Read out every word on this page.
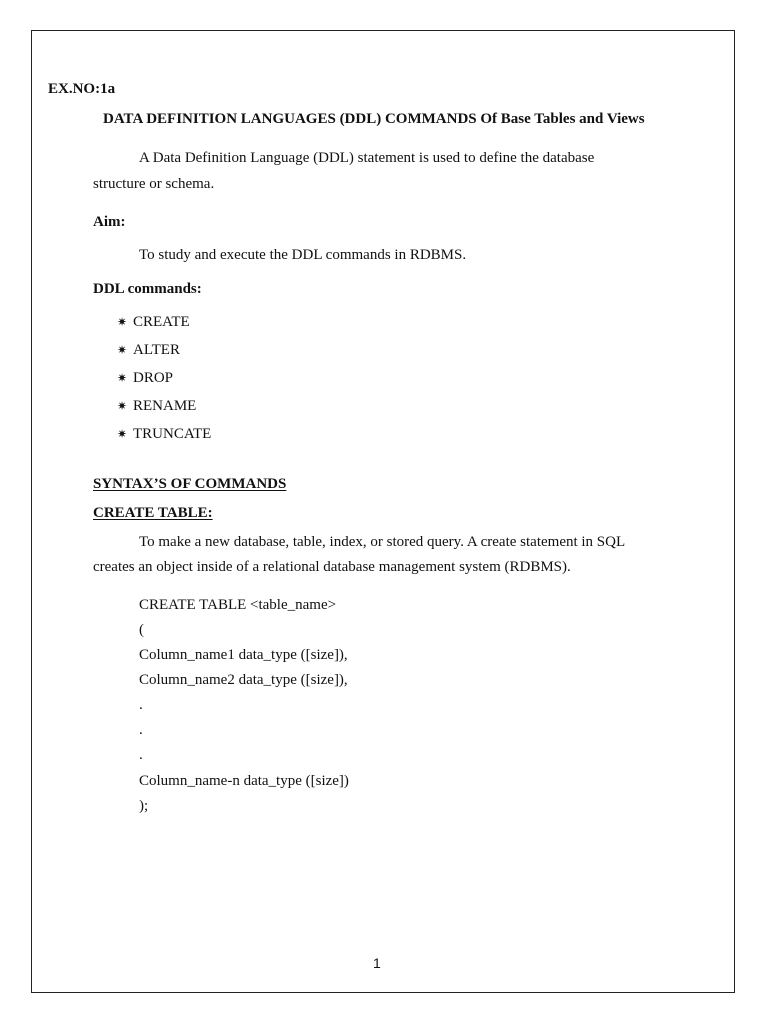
EX.NO:1a
DATA DEFINITION LANGUAGES (DDL) COMMANDS Of Base Tables and Views
A Data Definition Language (DDL) statement is used to define the database
structure or schema.
Aim:
To study and execute the DDL commands in RDBMS.
DDL commands:
✷ CREATE
✷ ALTER
✷ DROP
✷ RENAME
✷ TRUNCATE
SYNTAX’S OF COMMANDS
CREATE TABLE:
To make a new database, table, index, or stored query. A create statement in SQL
creates an object inside of a relational database management system (RDBMS).
CREATE TABLE <table_name>
(
Column_name1 data_type ([size]),
Column_name2 data_type ([size]),
.
.
.
Column_name-n data_type ([size])
);
1
